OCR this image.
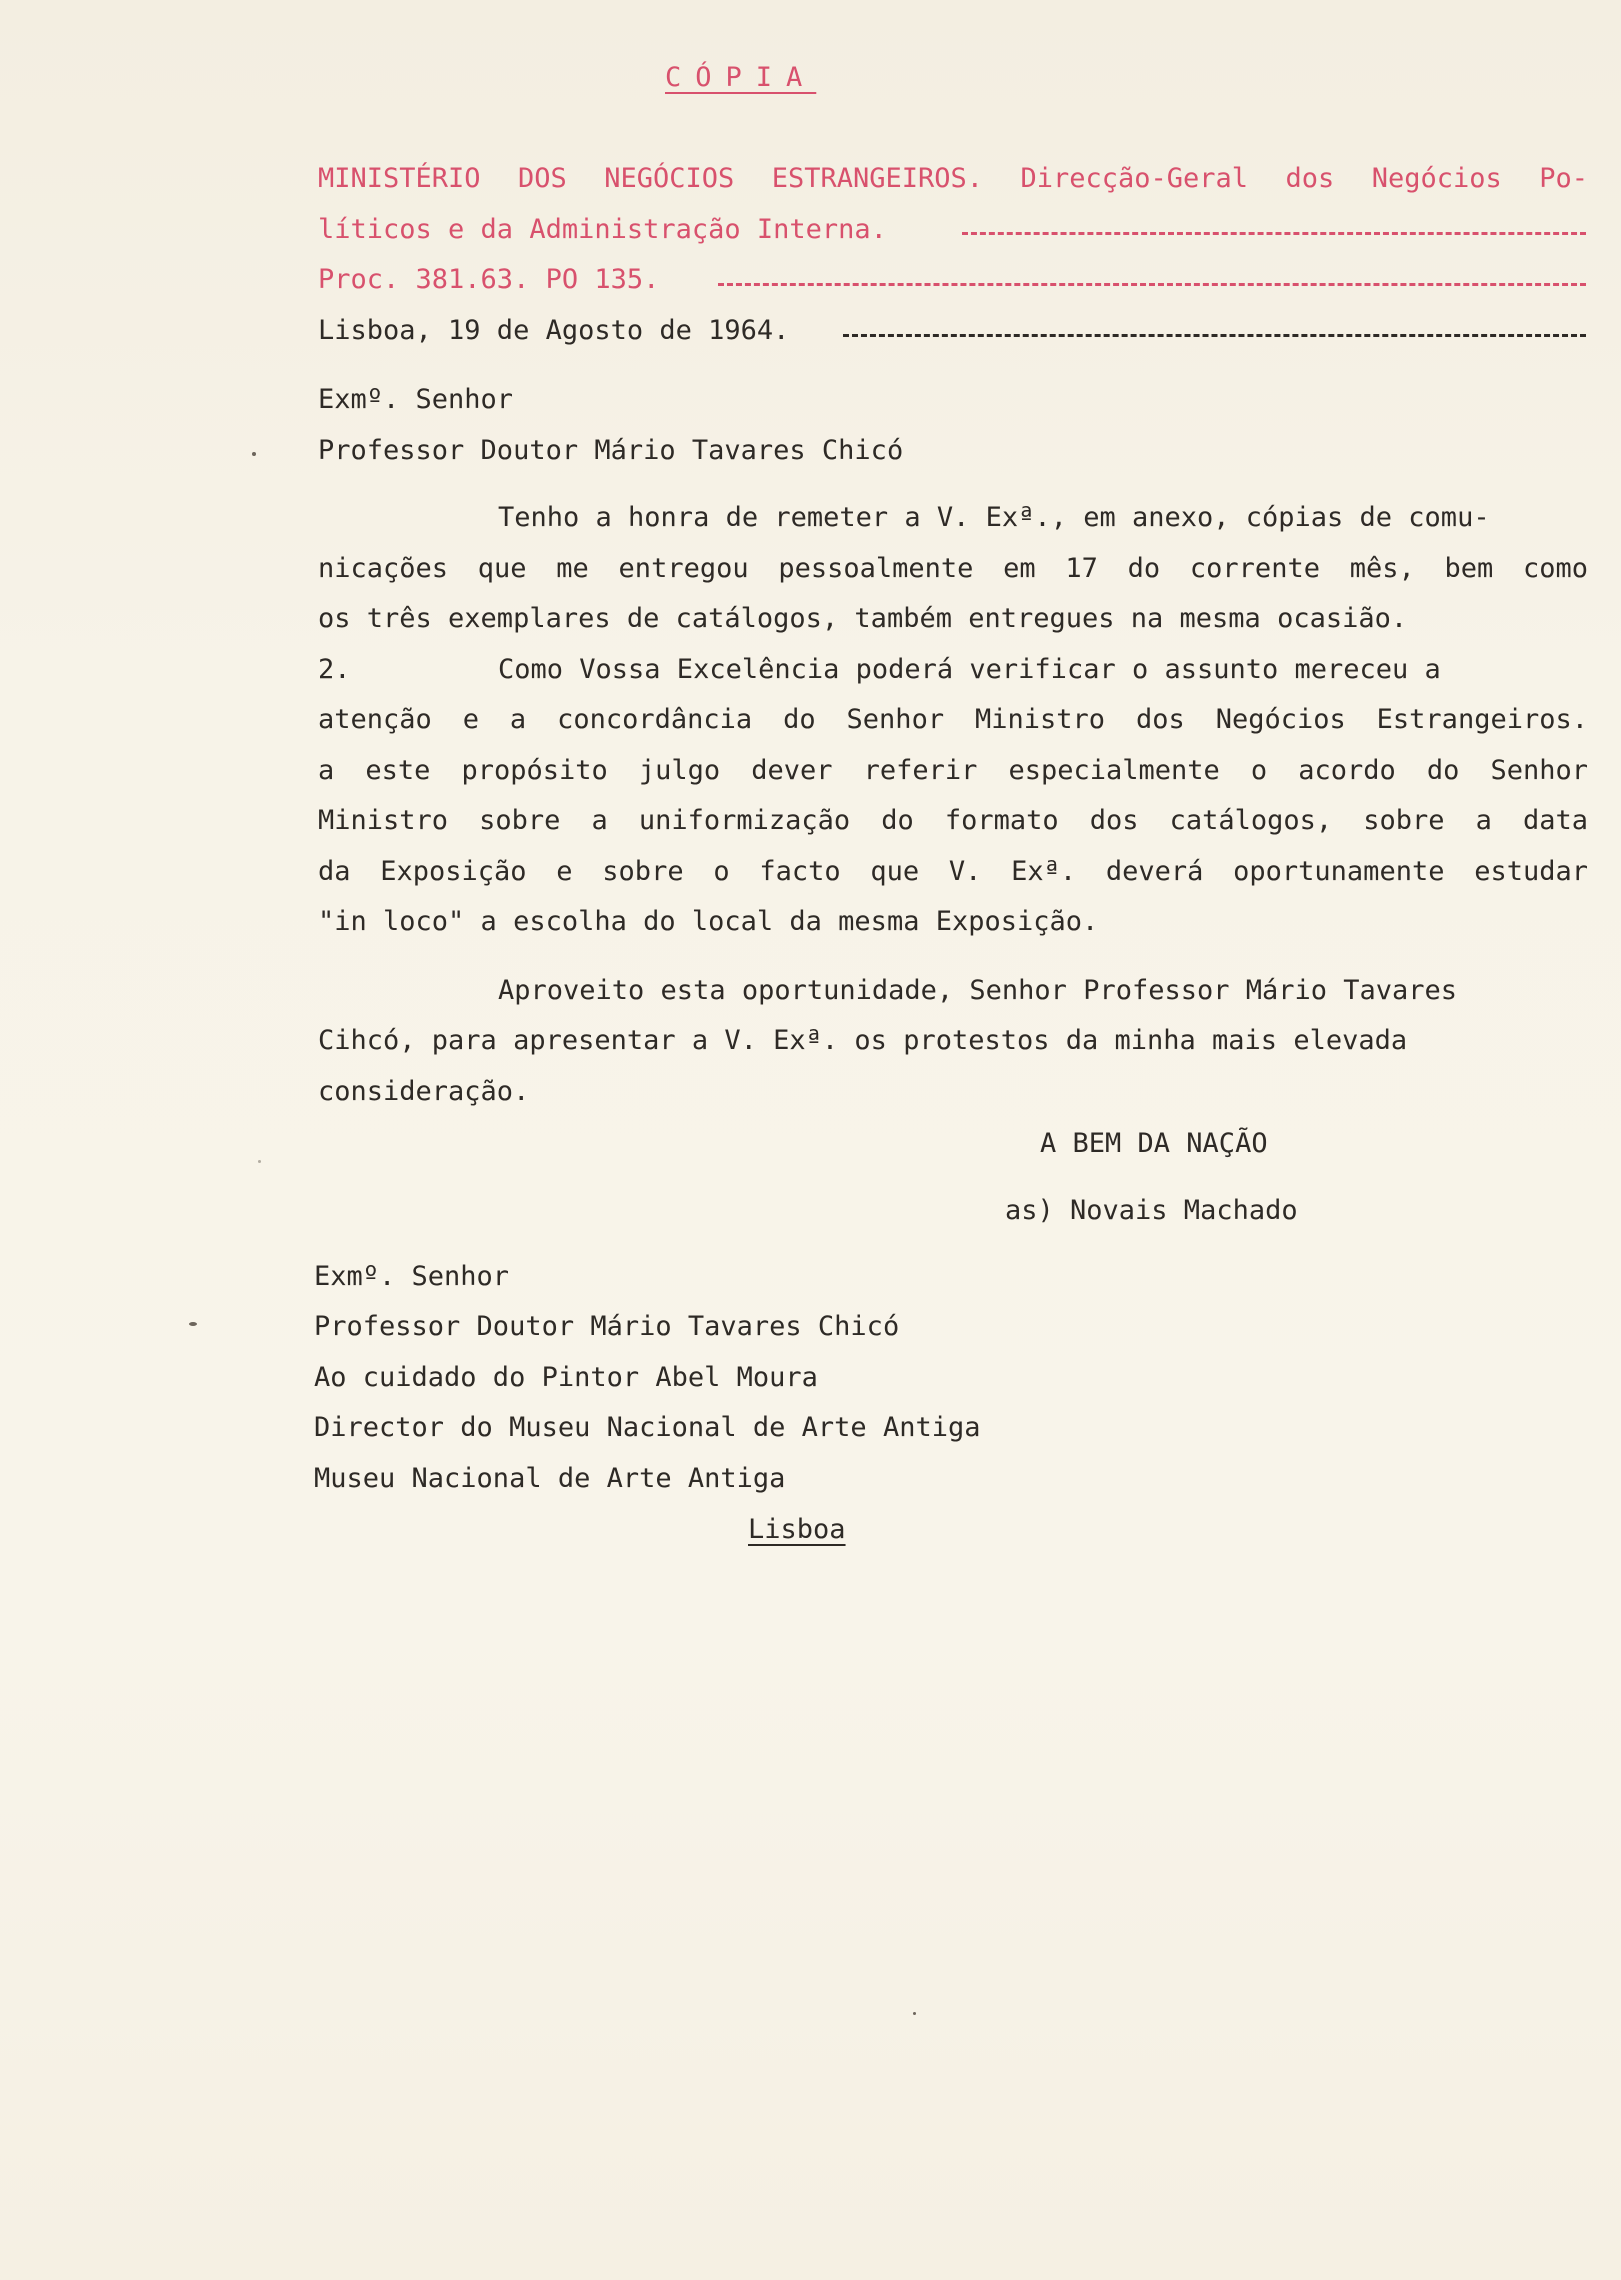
CÓPIA
MINISTÉRIO DOS NEGÓCIOS ESTRANGEIROS. Direcção-Geral dos Negócios Po-
líticos e da Administração Interna.
Proc. 381.63. PO 135.
Lisboa, 19 de Agosto de 1964.
Exmº. Senhor
Professor Doutor Mário Tavares Chicó
Tenho a honra de remeter a V. Exª., em anexo, cópias de comu-
nicações que me entregou pessoalmente em 17 do corrente mês, bem como
os três exemplares de catálogos, também entregues na mesma ocasião.
2.	Como Vossa Excelência poderá verificar o assunto mereceu a
atenção e a concordância do Senhor Ministro dos Negócios Estrangeiros.
a este propósito julgo dever referir especialmente o acordo do Senhor
Ministro sobre a uniformização do formato dos catálogos, sobre a data
da Exposição e sobre o facto que V. Exª. deverá oportunamente estudar
"in loco" a escolha do local da mesma Exposição.
Aproveito esta oportunidade, Senhor Professor Mário Tavares
Cihcó, para apresentar a V. Exª. os protestos da minha mais elevada
consideração.
A BEM DA NAÇÃO
as) Novais Machado
Exmº. Senhor
Professor Doutor Mário Tavares Chicó
Ao cuidado do Pintor Abel Moura
Director do Museu Nacional de Arte Antiga
Museu Nacional de Arte Antiga
Lisboa
